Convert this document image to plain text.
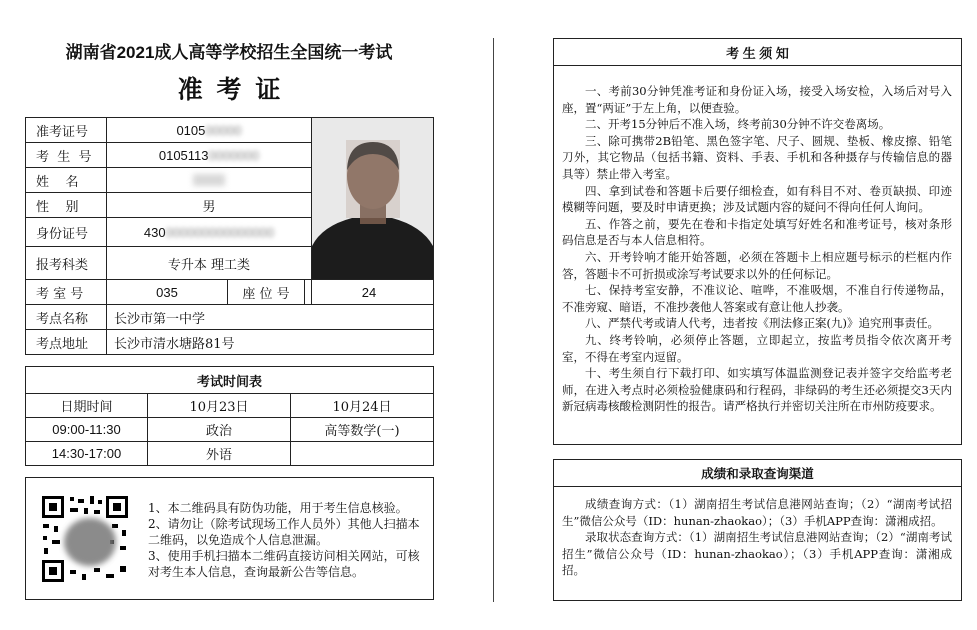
湖南省2021成人高等学校招生全国统一考试
准  考  证
准考证号	0105 00000
考  生  号	0105113 0000000
姓    名
性    别	男
身份证号	430 000000000000000
报考科类	专升本 理工类
考 室 号	035	座 位 号	24
考点名称	长沙市第一中学
考点地址	长沙市清水塘路81号
考试时间表
日期时间	10月23日	10月24日
09:00-11:30	政治	高等数学(一)
14:30-17:00	外语
1、本二维码具有防伪功能，用于考生信息核验。
2、请勿让（除考试现场工作人员外）其他人扫描本二维码，以免造成个人信息泄漏。
3、使用手机扫描本二维码直接访问相关网站，可核对考生本人信息，查询最新公告等信息。
考 生 须 知

一、考前30分钟凭准考证和身份证入场，接受入场安检，入场后对号入座，置“两证”于左上角，以便查验。

二、开考15分钟后不准入场，终考前30分钟不许交卷离场。

三、除可携带2B铅笔、黑色签字笔、尺子、圆规、垫板、橡皮擦、铅笔刀外，其它物品（包括书籍、资料、手表、手机和各种摄存与传输信息的器具等）禁止带入考室。

四、拿到试卷和答题卡后要仔细检查，如有科目不对、卷页缺损、印迹模糊等问题，要及时申请更换；涉及试题内容的疑问不得向任何人询问。

五、作答之前，要先在卷和卡指定处填写好姓名和准考证号，核对条形码信息是否与本人信息相符。

六、开考铃响才能开始答题，必须在答题卡上相应题号标示的栏框内作答，答题卡不可折损或涂写考试要求以外的任何标记。

七、保持考室安静，不准议论、喧哗，不准吸烟，不准自行传递物品，不准旁窥、暗语，不准抄袭他人答案或有意让他人抄袭。

八、严禁代考或请人代考，违者按《刑法修正案(九)》追究刑事责任。

九、终考铃响，必须停止答题，立即起立，按监考员指令依次离开考室，不得在考室内逗留。

十、考生须自行下载打印、如实填写体温监测登记表并签字交给监考老师，在进入考点时必须检验健康码和行程码，非绿码的考生还必须提交3天内新冠病毒核酸检测阴性的报告。请严格执行并密切关注所在市州防疫要求。

成绩和录取查询渠道

成绩查询方式：（1）湖南招生考试信息港网站查询；（2）“湖南考试招生”微信公众号（ID：hunan-zhaokao）；（3）手机APP查询：潇湘成招。

录取状态查询方式：（1）湖南招生考试信息港网站查询；（2）“湖南考试招生”微信公众号（ID：hunan-zhaokao）；（3）手机APP查询：潇湘成招。
